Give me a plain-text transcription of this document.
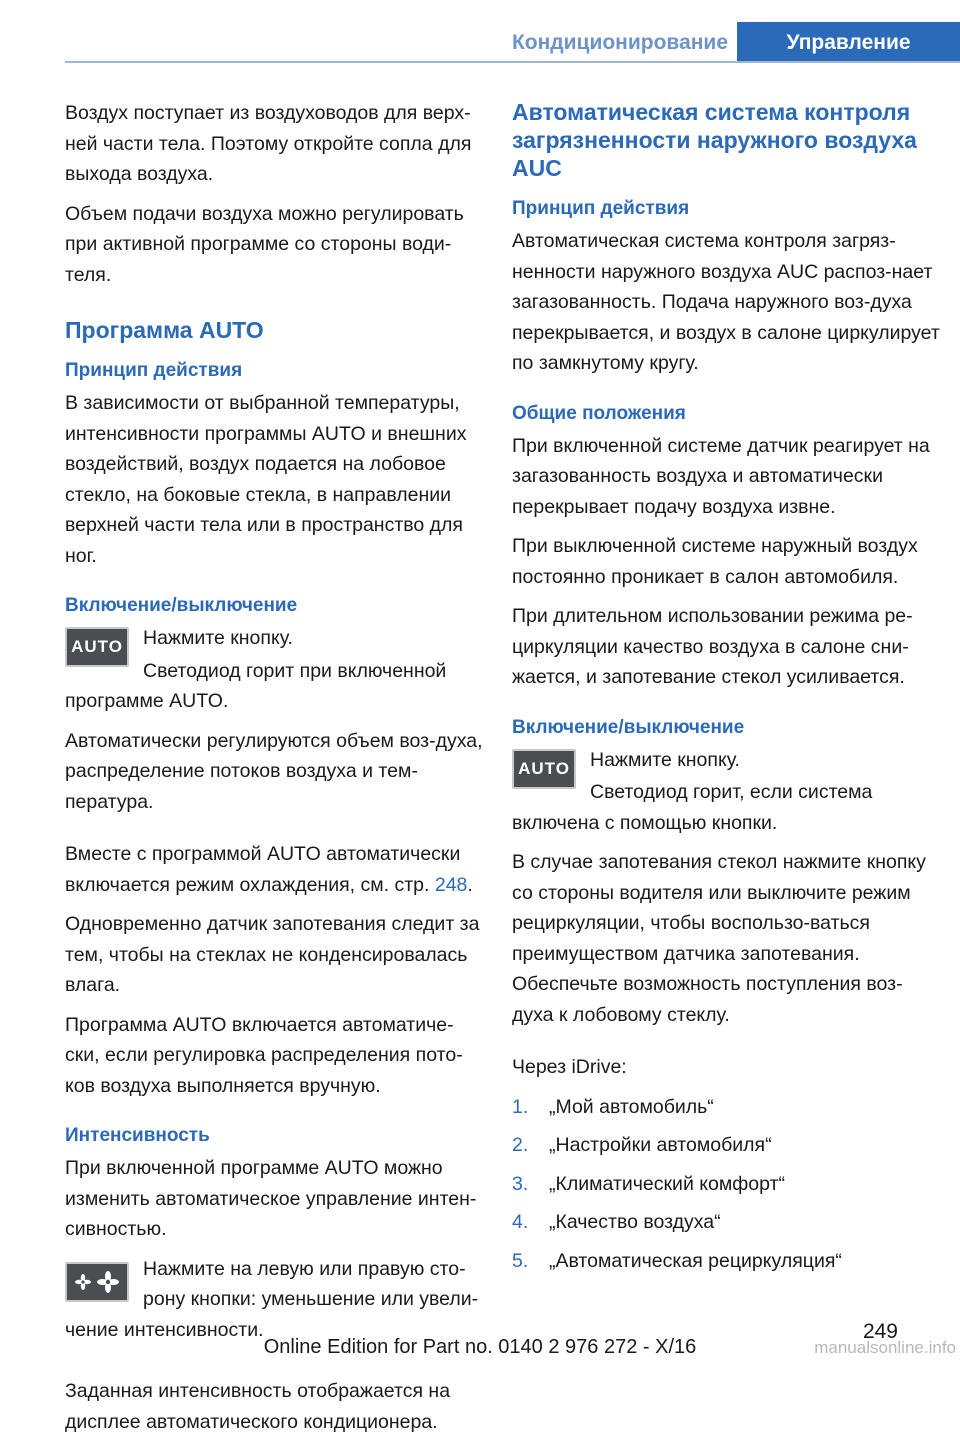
Кондиционирование	Управление

Воздух поступает из воздуховодов для верх-ней части тела. Поэтому откройте сопла для выхода воздуха.

Объем подачи воздуха можно регулировать при активной программе со стороны води-теля.

Программа AUTO
Принцип действия

В зависимости от выбранной температуры, интенсивности программы AUTO и внешних воздействий, воздух подается на лобовое стекло, на боковые стекла, в направлении верхней части тела или в пространство для ног.

Включение/выключение
AUTO	Нажмите кнопку.

Светодиод горит при включенной программе AUTO.

Автоматически регулируются объем воз-духа, распределение потоков воздуха и тем-пература.

Вместе с программой AUTO автоматически включается режим охлаждения, см. стр. 248.

Одновременно датчик запотевания следит за тем, чтобы на стеклах не конденсировалась влага.

Программа AUTO включается автоматиче-ски, если регулировка распределения пото-ков воздуха выполняется вручную.

Интенсивность

При включенной программе AUTO можно изменить автоматическое управление интен-сивностью.

Нажмите на левую или правую сто-рону кнопки: уменьшение или увели-чение интенсивности.

Заданная интенсивность отображается на дисплее автоматического кондиционера.

Автоматическая система контроля загрязненности наружного воздуха AUC
Принцип действия

Автоматическая система контроля загряз-ненности наружного воздуха AUC распоз-нает загазованность. Подача наружного воз-духа перекрывается, и воздух в салоне циркулирует по замкнутому кругу.

Общие положения

При включенной системе датчик реагирует на загазованность воздуха и автоматически перекрывает подачу воздуха извне.

При выключенной системе наружный воздух постоянно проникает в салон автомобиля.

При длительном использовании режима ре-циркуляции качество воздуха в салоне сни-жается, и запотевание стекол усиливается.

Включение/выключение
AUTO	Нажмите кнопку.

Светодиод горит, если система включена с помощью кнопки.

В случае запотевания стекол нажмите кнопку со стороны водителя или выключите режим рециркуляции, чтобы воспользо-ваться преимуществом датчика запотевания. Обеспечьте возможность поступления воз-духа к лобовому стеклу.

Через iDrive:

1.	„Мой автомобиль“
2.	„Настройки автомобиля“
3.	„Климатический комфорт“
4.	„Качество воздуха“
5.	„Автоматическая рециркуляция“
249
Online Edition for Part no. 0140 2 976 272 - X/16	manualsonline.info
